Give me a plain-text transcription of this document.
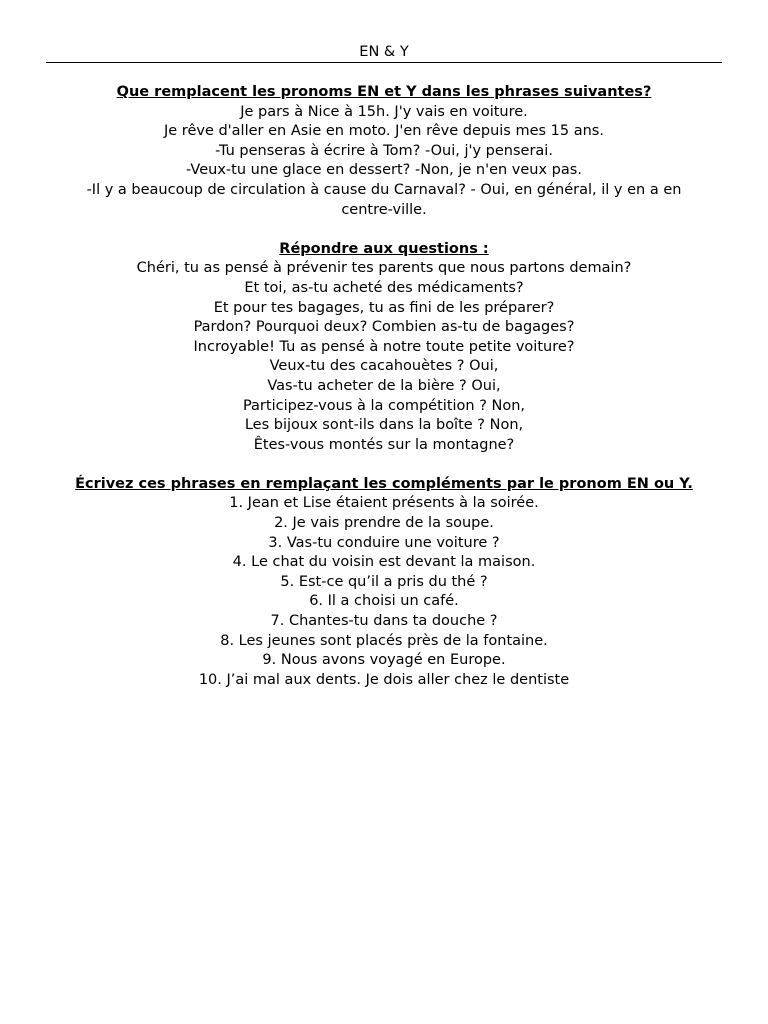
EN & Y
Que remplacent les pronoms EN et Y dans les phrases suivantes?
Je pars à Nice à 15h. J'y vais en voiture.
Je rêve d'aller en Asie en moto. J'en rêve depuis mes 15 ans.
-Tu penseras à écrire à Tom? -Oui, j'y penserai.
-Veux-tu une glace en dessert? -Non, je n'en veux pas.
-Il y a beaucoup de circulation à cause du Carnaval? - Oui, en général, il y en a en
centre-ville.
Répondre aux questions :
Chéri, tu as pensé à prévenir tes parents que nous partons demain?
Et toi, as-tu acheté des médicaments?
Et pour tes bagages, tu as fini de les préparer?
Pardon? Pourquoi deux? Combien as-tu de bagages?
Incroyable! Tu as pensé à notre toute petite voiture?
Veux-tu des cacahouètes ? Oui,
Vas-tu acheter de la bière ? Oui,
Participez-vous à la compétition ? Non,
Les bijoux sont-ils dans la boîte ? Non,
Êtes-vous montés sur la montagne?
Écrivez ces phrases en remplaçant les compléments par le pronom EN ou Y.
1. Jean et Lise étaient présents à la soirée.
2. Je vais prendre de la soupe.
3. Vas-tu conduire une voiture ?
4. Le chat du voisin est devant la maison.
5. Est-ce qu’il a pris du thé ?
6. Il a choisi un café.
7. Chantes-tu dans ta douche ?
8. Les jeunes sont placés près de la fontaine.
9. Nous avons voyagé en Europe.
10. J’ai mal aux dents. Je dois aller chez le dentiste
